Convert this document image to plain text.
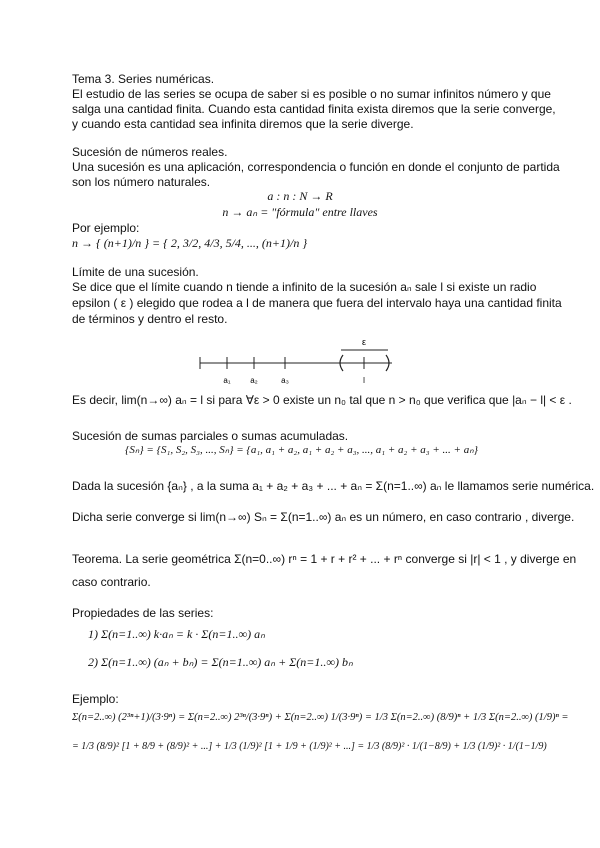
Tema 3. Series numéricas.
El estudio de las series se ocupa de saber si es posible o no sumar infinitos número y que
salga una cantidad finita. Cuando esta cantidad finita exista diremos que la serie converge,
y cuando esta cantidad sea infinita diremos que la serie diverge.
Sucesión de números reales.
Una sucesión es una aplicación, correspondencia o función en donde el conjunto de partida
son los número naturales.
a : n : N → R
n → aₙ = "fórmula" entre llaves
Por ejemplo:
n → { (n+1)/n } = { 2, 3/2, 4/3, 5/4, ..., (n+1)/n }
Límite de una sucesión.
Se dice que el límite cuando n tiende a infinito de la sucesión aₙ sale l si existe un radio
epsilon ( ε ) elegido que rodea a l de manera que fuera del intervalo haya una cantidad finita
de términos y dentro el resto.
ε
a₁ a₂	a₃	l
Es decir, lim(n→∞) aₙ = l si para ∀ε > 0 existe un n₀ tal que n > n₀ que verifica que |aₙ − l| < ε .
Sucesión de sumas parciales o sumas acumuladas.
{Sₙ} = {S₁, S₂, S₃, ..., Sₙ} = {a₁, a₁ + a₂, a₁ + a₂ + a₃, ..., a₁ + a₂ + a₃ + ... + aₙ}
Dada la sucesión {aₙ} , a la suma a₁ + a₂ + a₃ + ... + aₙ = Σ(n=1..∞) aₙ le llamamos serie numérica.
Dicha serie converge si lim(n→∞) Sₙ = Σ(n=1..∞) aₙ es un número, en caso contrario , diverge.
Teorema. La serie geométrica Σ(n=0..∞) rⁿ = 1 + r + r² + ... + rⁿ converge si |r| < 1 , y diverge en
caso contrario.
Propiedades de las series:
1) Σ(n=1..∞) k·aₙ = k · Σ(n=1..∞) aₙ
2) Σ(n=1..∞) (aₙ + bₙ) = Σ(n=1..∞) aₙ + Σ(n=1..∞) bₙ
Ejemplo:
Σ(n=2..∞) (2³ⁿ+1)/(3·9ⁿ) = Σ(n=2..∞) 2³ⁿ/(3·9ⁿ) + Σ(n=2..∞) 1/(3·9ⁿ) = 1/3 Σ(n=2..∞) (8/9)ⁿ + 1/3 Σ(n=2..∞) (1/9)ⁿ =
= 1/3 (8/9)² [1 + 8/9 + (8/9)² + ...] + 1/3 (1/9)² [1 + 1/9 + (1/9)² + ...] = 1/3 (8/9)² · 1/(1−8/9) + 1/3 (1/9)² · 1/(1−1/9)
